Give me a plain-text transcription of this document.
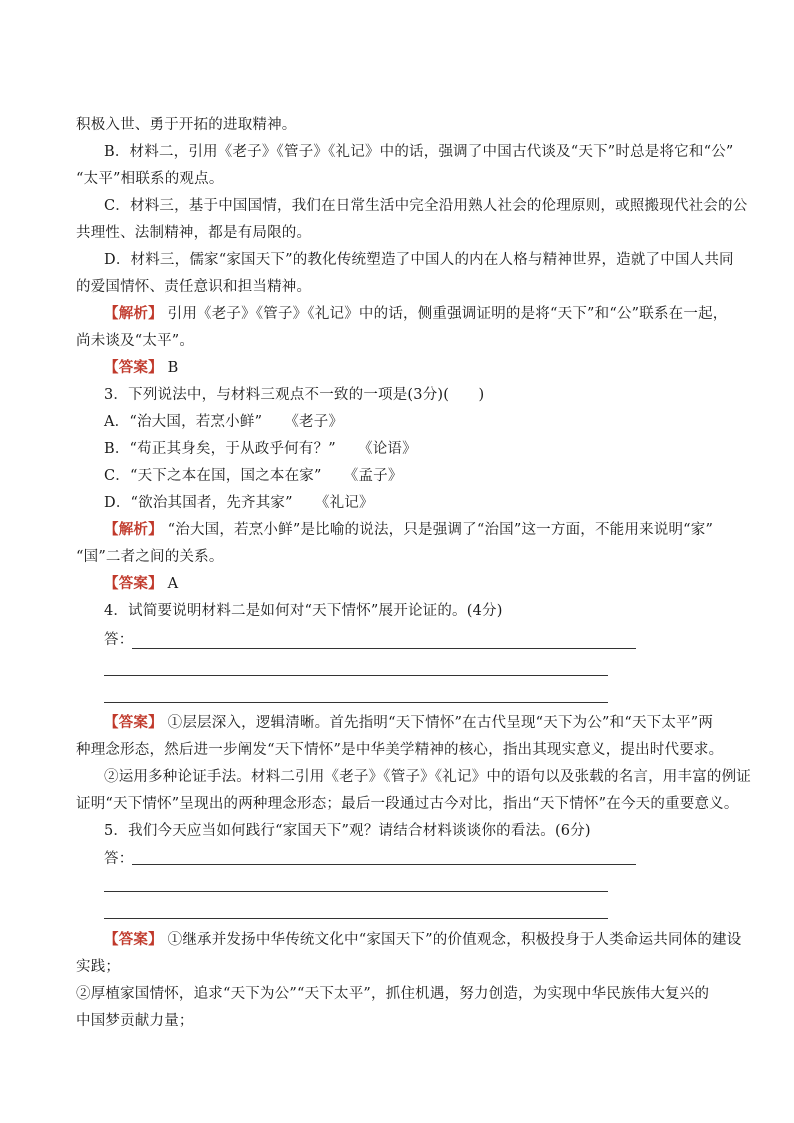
积极入世、勇于开拓的进取精神。
B．材料二，引用《老子》《管子》《礼记》中的话，强调了中国古代谈及“天下”时总是将它和“公”
“太平”相联系的观点。
C．材料三，基于中国国情，我们在日常生活中完全沿用熟人社会的伦理原则，或照搬现代社会的公
共理性、法制精神，都是有局限的。
D．材料三，儒家“家国天下”的教化传统塑造了中国人的内在人格与精神世界，造就了中国人共同
的爱国情怀、责任意识和担当精神。
【解析】 引用《老子》《管子》《礼记》中的话，侧重强调证明的是将“天下”和“公”联系在一起，
尚未谈及“太平”。
【答案】 B
3．下列说法中，与材料三观点不一致的一项是(3分)(　　)
A．“治大国，若烹小鲜”　　《老子》
B．“苟正其身矣，于从政乎何有？”　　《论语》
C．“天下之本在国，国之本在家”　　《孟子》
D．“欲治其国者，先齐其家”　　《礼记》
【解析】 “治大国，若烹小鲜”是比喻的说法，只是强调了“治国”这一方面，不能用来说明“家”
“国”二者之间的关系。
【答案】 A
4．试简要说明材料二是如何对“天下情怀”展开论证的。(4分)
答：
【答案】 ①层层深入，逻辑清晰。首先指明“天下情怀”在古代呈现“天下为公”和“天下太平”两
种理念形态，然后进一步阐发“天下情怀”是中华美学精神的核心，指出其现实意义，提出时代要求。
②运用多种论证手法。材料二引用《老子》《管子》《礼记》中的语句以及张载的名言，用丰富的例证
证明“天下情怀”呈现出的两种理念形态；最后一段通过古今对比，指出“天下情怀”在今天的重要意义。
5．我们今天应当如何践行“家国天下”观？请结合材料谈谈你的看法。(6分)
答：
【答案】 ①继承并发扬中华传统文化中“家国天下”的价值观念，积极投身于人类命运共同体的建设
实践；
②厚植家国情怀，追求“天下为公”“天下太平”，抓住机遇，努力创造，为实现中华民族伟大复兴的
中国梦贡献力量；
